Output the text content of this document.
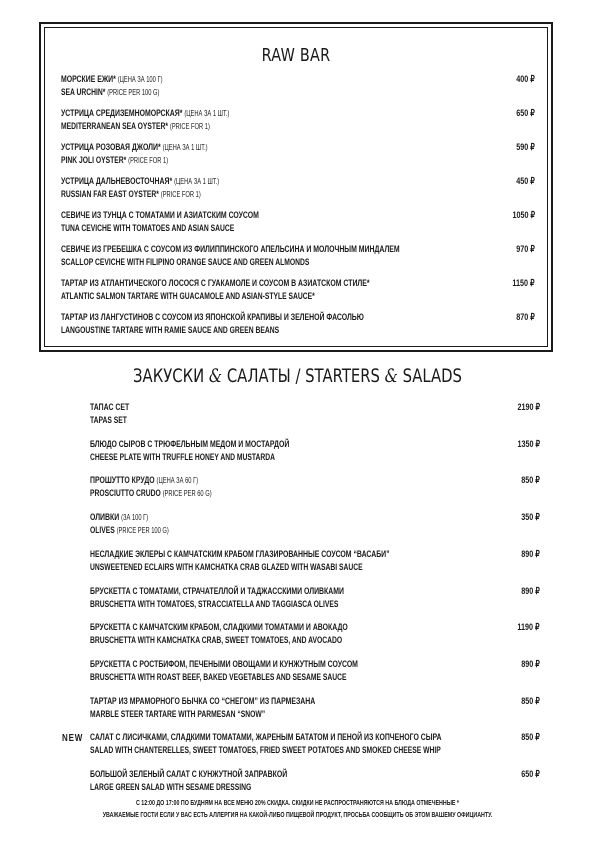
RAW BAR
МОРСКИЕ ЕЖИ* (ЦЕНА ЗА 100 Г)
SEA URCHIN* (PRICE PER 100 G)
400 ₽
УСТРИЦА СРЕДИЗЕМНОМОРСКАЯ* (ЦЕНА ЗА 1 ШТ.)
MEDITERRANEAN SEA OYSTER* (PRICE FOR 1)
650 ₽
УСТРИЦА РОЗОВАЯ ДЖОЛИ* (ЦЕНА ЗА 1 ШТ.)
PINK JOLI OYSTER* (PRICE FOR 1)
590 ₽
УСТРИЦА ДАЛЬНЕВОСТОЧНАЯ* (ЦЕНА ЗА 1 ШТ.)
RUSSIAN FAR EAST OYSTER* (PRICE FOR 1)
450 ₽
СЕВИЧЕ ИЗ ТУНЦА С ТОМАТАМИ И АЗИАТСКИМ СОУСОМ
TUNA CEVICHE WITH TOMATOES AND ASIAN SAUCE
1050 ₽
СЕВИЧЕ ИЗ ГРЕБЕШКА С СОУСОМ ИЗ ФИЛИППИНСКОГО АПЕЛЬСИНА И МОЛОЧНЫМ МИНДАЛЕМ
SCALLOP CEVICHE WITH FILIPINO ORANGE SAUCE AND GREEN ALMONDS
970 ₽
ТАРТАР ИЗ АТЛАНТИЧЕСКОГО ЛОСОСЯ С ГУАКАМОЛЕ И СОУСОМ В АЗИАТСКОМ СТИЛЕ*
ATLANTIC SALMON TARTARE WITH GUACAMOLE AND ASIAN-STYLE SAUCE*
1150 ₽
ТАРТАР ИЗ ЛАНГУСТИНОВ С СОУСОМ ИЗ ЯПОНСКОЙ КРАПИВЫ И ЗЕЛЕНОЙ ФАСОЛЬЮ
LANGOUSTINE TARTARE WITH RAMIE SAUCE AND GREEN BEANS
870 ₽
ЗАКУСКИ & САЛАТЫ / STARTERS & SALADS
ТАПАС СЕТ
TAPAS SET
2190 ₽
БЛЮДО СЫРОВ С ТРЮФЕЛЬНЫМ МЕДОМ И МОСТАРДОЙ
CHEESE PLATE WITH TRUFFLE HONEY AND MUSTARDA
1350 ₽
ПРОШУТТО КРУДО (ЦЕНА ЗА 60 Г)
PROSCIUTTO CRUDO (PRICE PER 60 G)
850 ₽
ОЛИВКИ (ЗА 100 Г)
OLIVES (PRICE PER 100 G)
350 ₽
НЕСЛАДКИЕ ЭКЛЕРЫ С КАМЧАТСКИМ КРАБОМ ГЛАЗИРОВАННЫЕ СОУСОМ “ВАСАБИ”
UNSWEETENED ECLAIRS WITH KAMCHATKA CRAB GLAZED WITH WASABI SAUCE
890 ₽
БРУСКЕТТА С ТОМАТАМИ, СТРАЧАТЕЛЛОЙ И ТАДЖАССКИМИ ОЛИВКАМИ
BRUSCHETTA WITH TOMATOES, STRACCIATELLA AND TAGGIASCA OLIVES
890 ₽
БРУСКЕТТА С КАМЧАТСКИМ КРАБОМ, СЛАДКИМИ ТОМАТАМИ И АВОКАДО
BRUSCHETTA WITH KAMCHATKA CRAB, SWEET TOMATOES, AND AVOCADO
1190 ₽
БРУСКЕТТА С РОСТБИФОМ, ПЕЧЕНЫМИ ОВОЩАМИ И КУНЖУТНЫМ СОУСОМ
BRUSCHETTA WITH ROAST BEEF, BAKED VEGETABLES AND SESAME SAUCE
890 ₽
ТАРТАР ИЗ МРАМОРНОГО БЫЧКА СО “СНЕГОМ” ИЗ ПАРМЕЗАНА
MARBLE STEER TARTARE WITH PARMESAN “SNOW”
850 ₽
САЛАТ С ЛИСИЧКАМИ, СЛАДКИМИ ТОМАТАМИ, ЖАРЕНЫМ БАТАТОМ И ПЕНОЙ ИЗ КОПЧЕНОГО СЫРА
SALAD WITH CHANTERELLES, SWEET TOMATOES, FRIED SWEET POTATOES AND SMOKED CHEESE WHIP
850 ₽
БОЛЬШОЙ ЗЕЛЕНЫЙ САЛАТ С КУНЖУТНОЙ ЗАПРАВКОЙ
LARGE GREEN SALAD WITH SESAME DRESSING
650 ₽
NEW
С 12:00 ДО 17:00 ПО БУДНЯМ НА ВСЕ МЕНЮ 20% СКИДКА. СКИДКИ НЕ РАСПРОСТРАНЯЮТСЯ НА БЛЮДА ОТМЕЧЕННЫЕ *
УВАЖАЕМЫЕ ГОСТИ ЕСЛИ У ВАС ЕСТЬ АЛЛЕРГИЯ НА КАКОЙ-ЛИБО ПИЩЕВОЙ ПРОДУКТ, ПРОСЬБА СООБЩИТЬ ОБ ЭТОМ ВАШЕМУ ОФИЦИАНТУ.
